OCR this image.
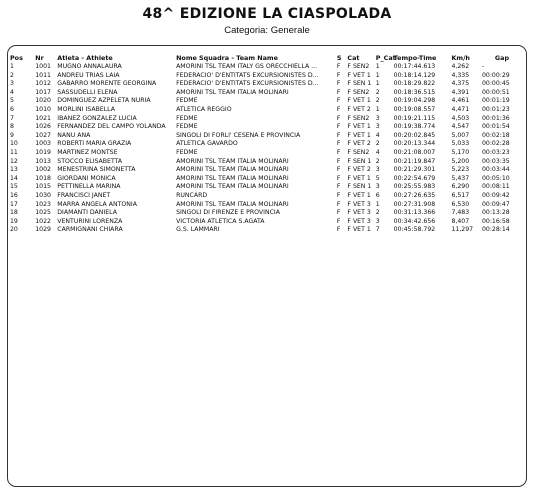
48^ EDIZIONE LA CIASPOLADA
Categoria: Generale
Pos	Nr	Atleta - Athlete	Nome Squadra - Team Name	S	Cat	P_Cat	Tempo-Time	Km/h	Gap
1	1001	MUGNO ANNALAURA	AMORINI TSL TEAM ITALY GS ORECCHIELLA ...	F	F SEN2	1	00:17:44.613	4,262	-
2	1011	ANDREU TRIAS LAIA	FEDERACIO' D'ENTITATS EXCURSIONISTES D...	F	F VET 1	1	00:18:14.129	4,335	00:00:29
3	1012	GABARRO MORENTE GEORGINA	FEDERACIO' D'ENTITATS EXCURSIONISTES D...	F	F SEN 1	1	00:18:29.822	4,375	00:00:45
4	1017	SASSUDELLI ELENA	AMORINI TSL TEAM ITALIA MOLINARI	F	F SEN2	2	00:18:36.515	4,391	00:00:51
5	1020	DOMINGUEZ AZPELETA NURIA	FEDME	F	F VET 1	2	00:19:04.298	4,461	00:01:19
6	1010	MORLINI ISABELLA	ATLETICA REGGIO	F	F VET 2	1	00:19:08.557	4,471	00:01:23
7	1021	IBANEZ GONZALEZ LUCIA	FEDME	F	F SEN2	3	00:19:21.115	4,503	00:01:36
8	1026	FERNANDEZ DEL CAMPO YOLANDA	FEDME	F	F VET 1	3	00:19:38.774	4,547	00:01:54
9	1027	NANU ANA	SINGOLI DI FORLI' CESENA E PROVINCIA	F	F VET 1	4	00:20:02.845	5,007	00:02:18
10	1003	ROBERTI MARIA GRAZIA	ATLETICA GAVARDO	F	F VET 2	2	00:20:13.344	5,033	00:02:28
11	1019	MARTINEZ MONTSE	FEDME	F	F SEN2	4	00:21:08.007	5,170	00:03:23
12	1013	STOCCO ELISABETTA	AMORINI TSL TEAM ITALIA MOLINARI	F	F SEN 1	2	00:21:19.847	5,200	00:03:35
13	1002	MENESTRINA SIMONETTA	AMORINI TSL TEAM ITALIA MOLINARI	F	F VET 2	3	00:21:29.301	5,223	00:03:44
14	1018	GIORDANI MONICA	AMORINI TSL TEAM ITALIA MOLINARI	F	F VET 1	5	00:22:54.679	5,437	00:05:10
15	1015	PETTINELLA MARINA	AMORINI TSL TEAM ITALIA MOLINARI	F	F SEN 1	3	00:25:55.983	6,290	00:08:11
16	1030	FRANCISCI JANET	RUNCARD	F	F VET 1	6	00:27:26.635	6,517	00:09:42
17	1023	MARRA ANGELA ANTONIA	AMORINI TSL TEAM ITALIA MOLINARI	F	F VET 3	1	00:27:31.908	6,530	00:09:47
18	1025	DIAMANTI DANIELA	SINGOLI DI FIRENZE E PROVINCIA	F	F VET 3	2	00:31:13.366	7,483	00:13:28
19	1022	VENTURINI LORENZA	VICTORIA ATLETICA S.AGATA	F	F VET 3	3	00:34:42.656	8,407	00:16:58
20	1029	CARMIGNANI CHIARA	G.S. LAMMARI	F	F VET 1	7	00:45:58.792	11,297	00:28:14
